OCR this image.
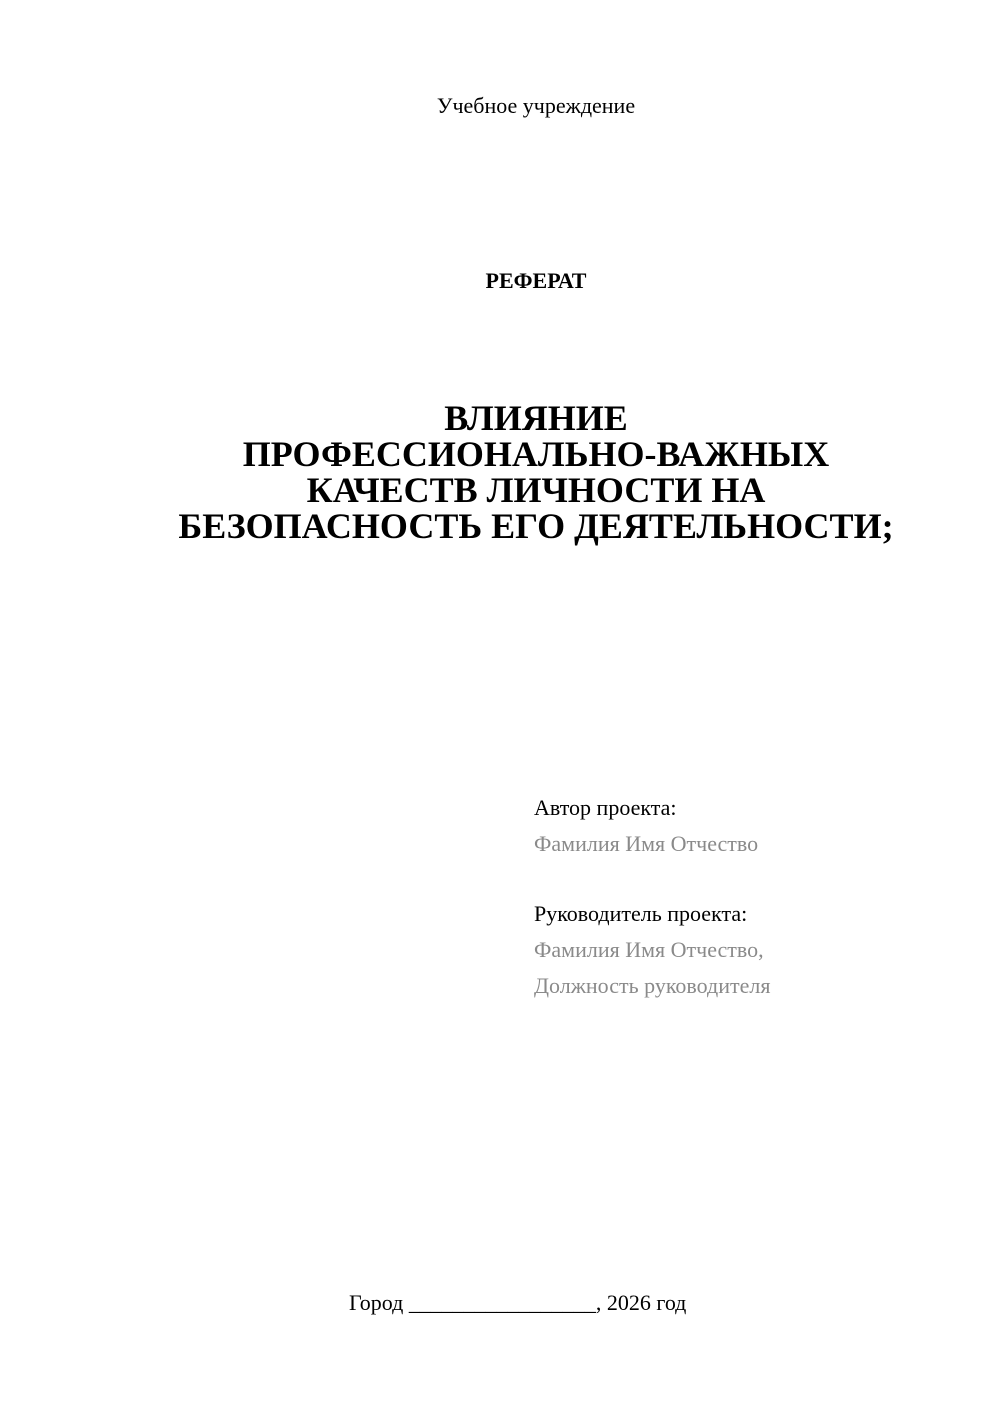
Учебное учреждение
РЕФЕРАТ
ВЛИЯНИЕ
ПРОФЕССИОНАЛЬНО-ВАЖНЫХ
КАЧЕСТВ ЛИЧНОСТИ НА
БЕЗОПАСНОСТЬ ЕГО ДЕЯТЕЛЬНОСТИ;
Автор проекта:
Фамилия Имя Отчество
Руководитель проекта:
Фамилия Имя Отчество,
Должность руководителя
Город _________________, 2026 год
